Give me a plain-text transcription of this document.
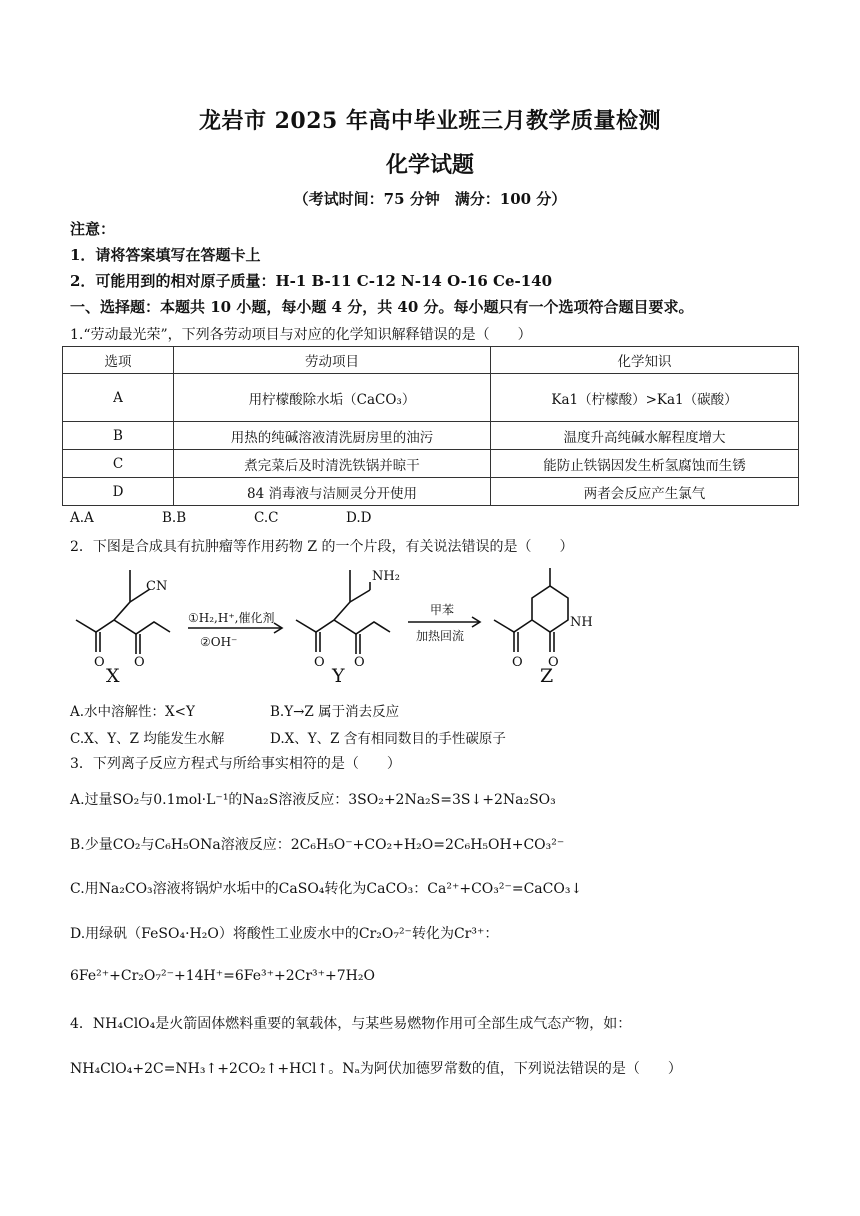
龙岩市 2025 年高中毕业班三月教学质量检测
化学试题
（考试时间：75 分钟　满分：100 分）
注意：
1．请将答案填写在答题卡上
2．可能用到的相对原子质量：H-1 B-11 C-12 N-14 O-16 Ce-140
一、选择题：本题共 10 小题，每小题 4 分，共 40 分。每小题只有一个选项符合题目要求。
1.“劳动最光荣”，下列各劳动项目与对应的化学知识解释错误的是（　　）
选项	劳动项目	化学知识
A	用柠檬酸除水垢（CaCO₃）	Ka1（柠檬酸）>Ka1（碳酸）
B	用热的纯碱溶液清洗厨房里的油污	温度升高纯碱水解程度增大
C	煮完菜后及时清洗铁锅并晾干	能防止铁锅因发生析氢腐蚀而生锈
D	84 消毒液与洁厕灵分开使用	两者会反应产生氯气
A.A	B.B	C.C	D.D
2．下图是合成具有抗肿瘤等作用药物 Z 的一个片段，有关说法错误的是（　　）
CN
NH₂
NH
O O	O O	O O
①H₂,H⁺,催化剂
②OH⁻
甲苯
加热回流
X	Y	Z
A.水中溶解性：X<Y	B.Y→Z 属于消去反应
C.X、Y、Z 均能发生水解	D.X、Y、Z 含有相同数目的手性碳原子
3．下列离子反应方程式与所给事实相符的是（　　）
A.过量SO₂与0.1mol·L⁻¹的Na₂S溶液反应：3SO₂+2Na₂S=3S↓+2Na₂SO₃
B.少量CO₂与C₆H₅ONa溶液反应：2C₆H₅O⁻+CO₂+H₂O=2C₆H₅OH+CO₃²⁻
C.用Na₂CO₃溶液将锅炉水垢中的CaSO₄转化为CaCO₃：Ca²⁺+CO₃²⁻=CaCO₃↓
D.用绿矾（FeSO₄·H₂O）将酸性工业废水中的Cr₂O₇²⁻转化为Cr³⁺：
6Fe²⁺+Cr₂O₇²⁻+14H⁺=6Fe³⁺+2Cr³⁺+7H₂O
4．NH₄ClO₄是火箭固体燃料重要的氧载体，与某些易燃物作用可全部生成气态产物，如：
NH₄ClO₄+2C=NH₃↑+2CO₂↑+HCl↑。Nₐ为阿伏加德罗常数的值，下列说法错误的是（　　）
